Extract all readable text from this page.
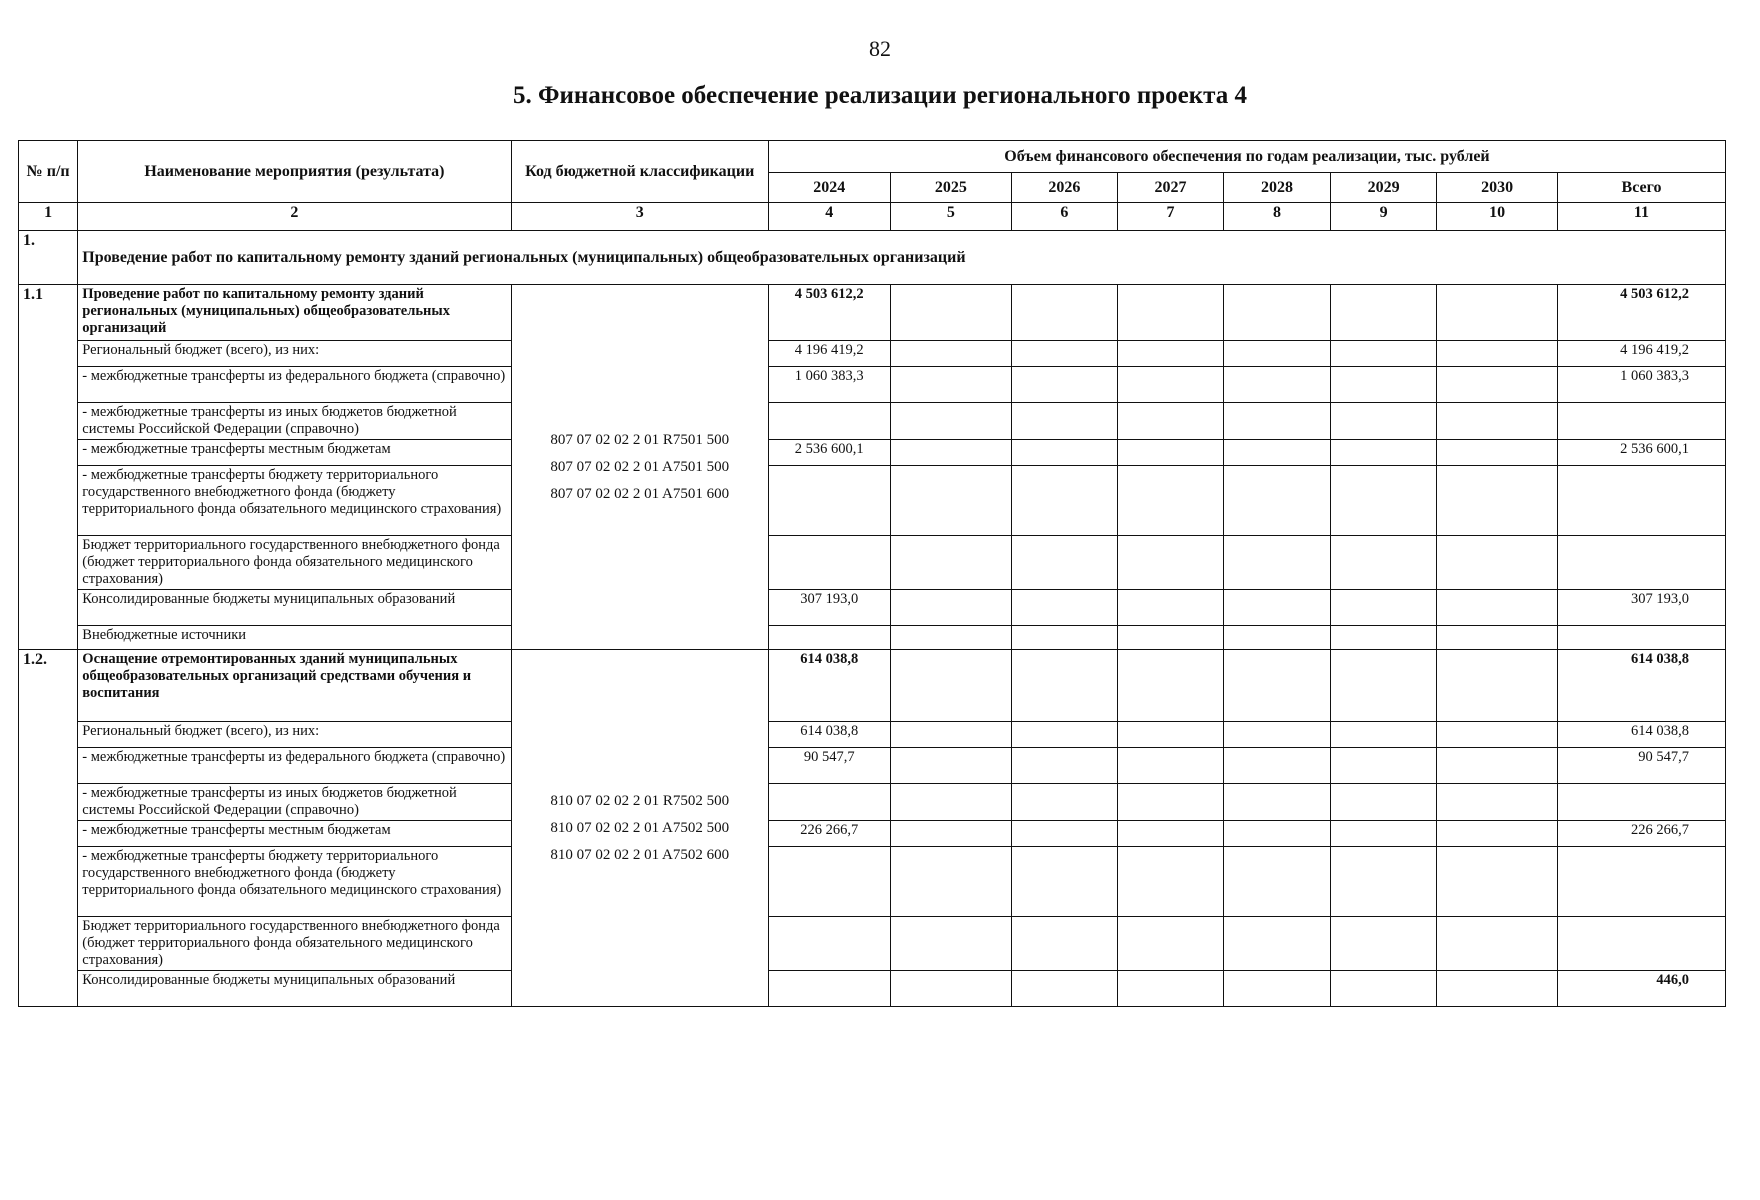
82
5. Финансовое обеспечение реализации регионального проекта 4
№ п/п	Наименование мероприятия (результата)	Код бюджетной классификации	Объем финансового обеспечения по годам реализации, тыс. рублей							
			2024	2025	2026	2027	2028	2029	2030	Всего
1	2	3	4	5	6	7	8	9	10	11
1.	Проведение работ по капитальному ремонту зданий региональных (муниципальных) общеобразовательных организаций									
1.1	Проведение работ по капитальному ремонту зданий региональных (муниципальных) общеобразовательных организаций	807 07 02 02 2 01 R7501 500
807 07 02 02 2 01 A7501 500
807 07 02 02 2 01 A7501 600	4 503 612,2							4 503 612,2
	Региональный бюджет (всего), из них:		4 196 419,2							4 196 419,2
	- межбюджетные трансферты из федерального бюджета (справочно)		1 060 383,3							1 060 383,3
	- межбюджетные трансферты из иных бюджетов бюджетной системы Российской Федерации (справочно)									
	- межбюджетные трансферты местным бюджетам		2 536 600,1							2 536 600,1
	- межбюджетные трансферты бюджету территориального государственного внебюджетного фонда (бюджету территориального фонда обязательного медицинского страхования)									
	Бюджет территориального государственного внебюджетного фонда (бюджет территориального фонда обязательного медицинского страхования)									
	Консолидированные бюджеты муниципальных образований		307 193,0							307 193,0
	Внебюджетные источники									
1.2.	Оснащение отремонтированных зданий муниципальных общеобразовательных организаций средствами обучения и воспитания	810 07 02 02 2 01 R7502 500
810 07 02 02 2 01 A7502 500
810 07 02 02 2 01 A7502 600	614 038,8							614 038,8
	Региональный бюджет (всего), из них:		614 038,8							614 038,8
	- межбюджетные трансферты из федерального бюджета (справочно)		90 547,7							90 547,7
	- межбюджетные трансферты из иных бюджетов бюджетной системы Российской Федерации (справочно)									
	- межбюджетные трансферты местным бюджетам		226 266,7							226 266,7
	- межбюджетные трансферты бюджету территориального государственного внебюджетного фонда (бюджету территориального фонда обязательного медицинского страхования)									
	Бюджет территориального государственного внебюджетного фонда (бюджет территориального фонда обязательного медицинского страхования)									
	Консолидированные бюджеты муниципальных образований									446,0
